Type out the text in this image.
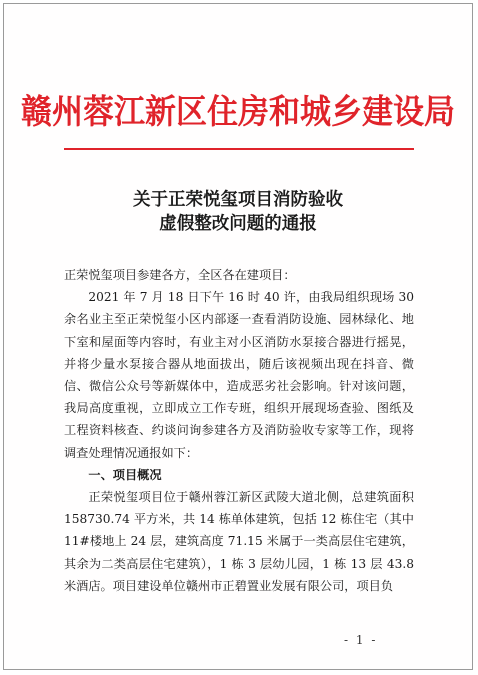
赣州蓉江新区住房和城乡建设局
关于正荣悦玺项目消防验收
虚假整改问题的通报

正荣悦玺项目参建各方，全区各在建项目：

2021 年 7 月 18 日下午 16 时 40 许，由我局组织现场 30 余名业主至正荣悦玺小区内部逐一查看消防设施、园林绿化、地下室和屋面等内容时，有业主对小区消防水泵接合器进行摇晃，并将少量水泵接合器从地面拔出，随后该视频出现在抖音、微信、微信公众号等新媒体中，造成恶劣社会影响。针对该问题，我局高度重视，立即成立工作专班，组织开展现场查验、图纸及工程资料核查、约谈问询参建各方及消防验收专家等工作，现将调查处理情况通报如下：

一、项目概况

正荣悦玺项目位于赣州蓉江新区武陵大道北侧，总建筑面积 158730.74 平方米，共 14 栋单体建筑，包括 12 栋住宅（其中 11#楼地上 24 层，建筑高度 71.15 米属于一类高层住宅建筑，其余为二类高层住宅建筑），1 栋 3 层幼儿园，1 栋 13 层 43.8 米酒店。项目建设单位赣州市正碧置业发展有限公司，项目负

- 1 -
